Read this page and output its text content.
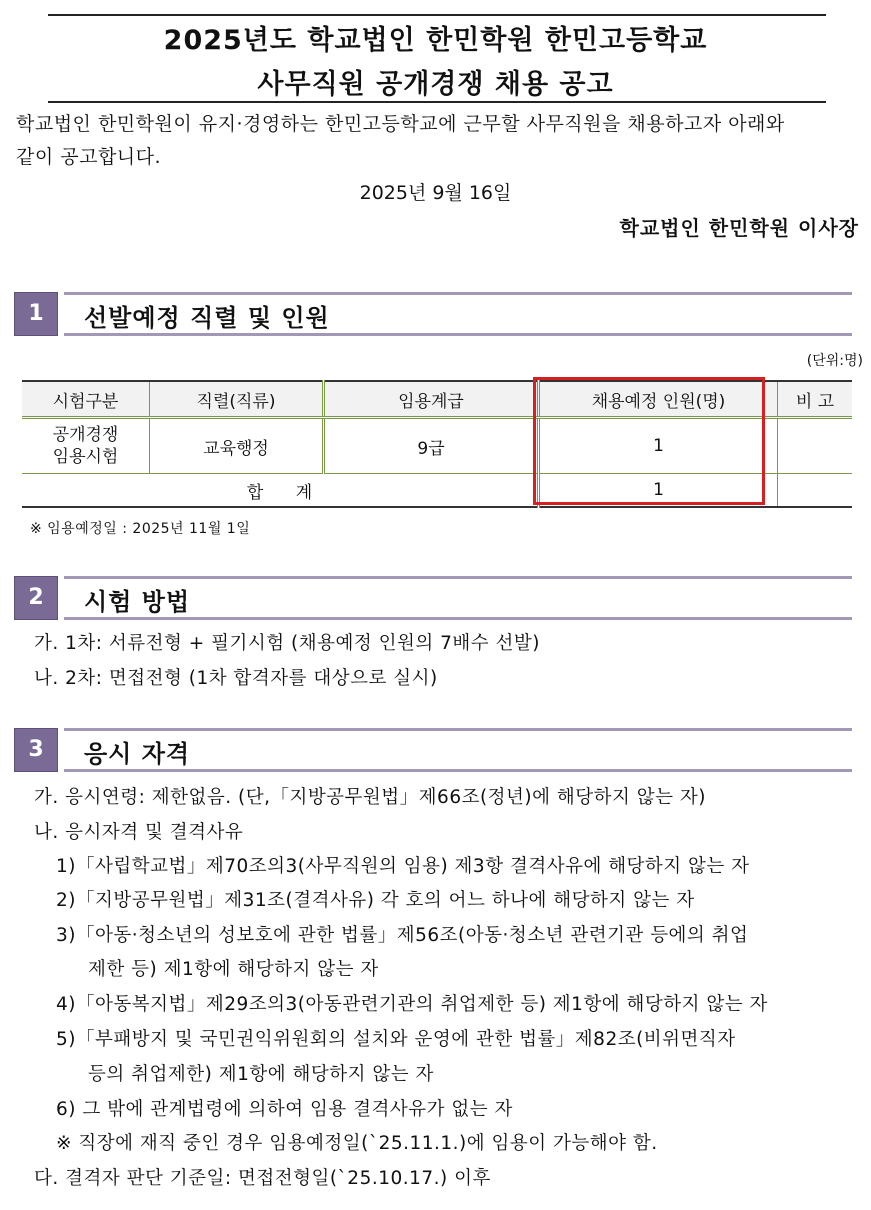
2025년도 학교법인 한민학원 한민고등학교
사무직원 공개경쟁 채용 공고
학교법인 한민학원이 유지·경영하는 한민고등학교에 근무할 사무직원을 채용하고자 아래와
같이 공고합니다.
2025년 9월 16일
학교법인 한민학원 이사장
1	선발예정 직렬 및 인원
(단위:명)
시험구분	직렬(직류)	임용계급	채용예정 인원(명)	비 고

공개경쟁
임용시험	교육행정	9급	1	
합      계			1	
※ 임용예정일 : 2025년 11월 1일
2	시험 방법
가. 1차: 서류전형 + 필기시험 (채용예정 인원의 7배수 선발)
나. 2차: 면접전형 (1차 합격자를 대상으로 실시)
3	응시 자격
가. 응시연령: 제한없음. (단,「지방공무원법」제66조(정년)에 해당하지 않는 자)
나. 응시자격 및 결격사유
1)「사립학교법」제70조의3(사무직원의 임용) 제3항 결격사유에 해당하지 않는 자
2)「지방공무원법」제31조(결격사유) 각 호의 어느 하나에 해당하지 않는 자
3)「아동·청소년의 성보호에 관한 법률」제56조(아동·청소년 관련기관 등에의 취업
제한 등) 제1항에 해당하지 않는 자
4)「아동복지법」제29조의3(아동관련기관의 취업제한 등) 제1항에 해당하지 않는 자
5)「부패방지 및 국민권익위원회의 설치와 운영에 관한 법률」제82조(비위면직자
등의 취업제한) 제1항에 해당하지 않는 자
6) 그 밖에 관계법령에 의하여 임용 결격사유가 없는 자
※ 직장에 재직 중인 경우 임용예정일(`25.11.1.)에 임용이 가능해야 함.
다. 결격자 판단 기준일: 면접전형일(`25.10.17.) 이후
